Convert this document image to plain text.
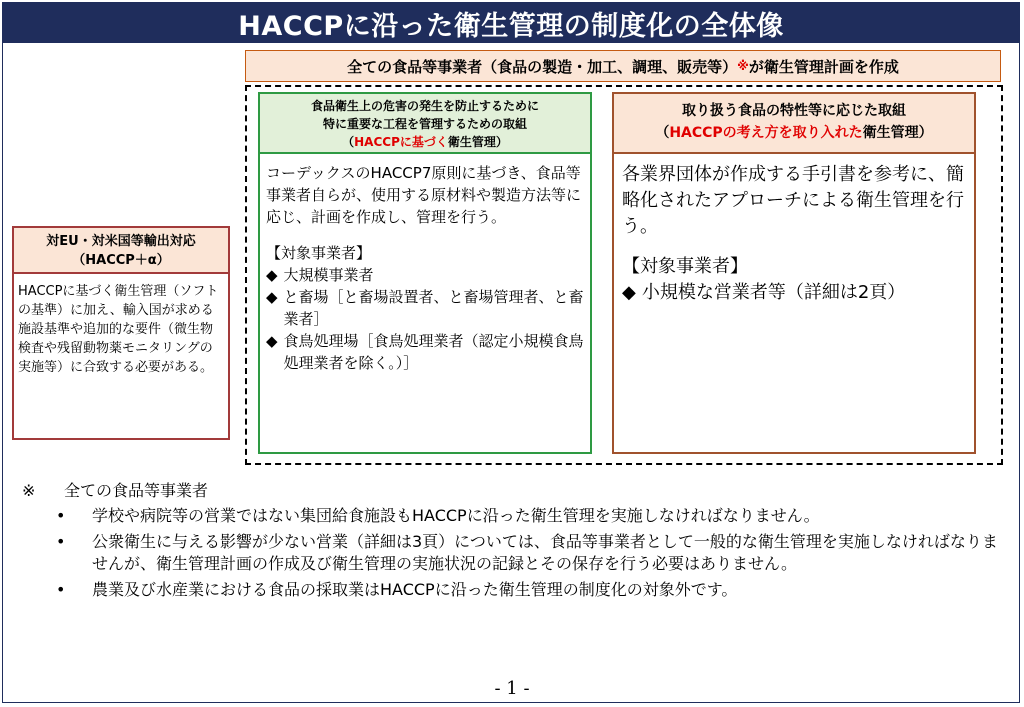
HACCPに沿った衛生管理の制度化の全体像
全ての食品等事業者（食品の製造・加工、調理、販売等） ※ が衛生管理計画を作成
食品衛生上の危害の発生を防止するために
特に重要な工程を管理するための取組
（HACCPに基づく衛生管理）
コーデックスのHACCP7原則に基づき、食品等事業者自らが、使用する原材料や製造方法等に応じ、計画を作成し、管理を行う。
【対象事業者】
◆ 大規模事業者
◆ と畜場［と畜場設置者、と畜場管理者、と畜業者］
◆ 食鳥処理場［食鳥処理業者（認定小規模食鳥処理業者を除く。）］
取り扱う食品の特性等に応じた取組
（HACCPの考え方を取り入れた衛生管理）
各業界団体が作成する手引書を参考に、簡略化されたアプローチによる衛生管理を行う。
【対象事業者】
◆ 小規模な営業者等（詳細は2頁）
対EU・対米国等輸出対応
（HACCP＋α）
HACCPに基づく衛生管理（ソフトの基準）に加え、輸入国が求める施設基準や追加的な要件（微生物検査や残留動物薬モニタリングの実施等）に合致する必要がある。
※	全ての食品等事業者
•	学校や病院等の営業ではない集団給食施設もHACCPに沿った衛生管理を実施しなければなりません。
•	公衆衛生に与える影響が少ない営業（詳細は3頁）については、食品等事業者として一般的な衛生管理を実施しなければなりませんが、衛生管理計画の作成及び衛生管理の実施状況の記録とその保存を行う必要はありません。
•	農業及び水産業における食品の採取業はHACCPに沿った衛生管理の制度化の対象外です。
- 1 -
